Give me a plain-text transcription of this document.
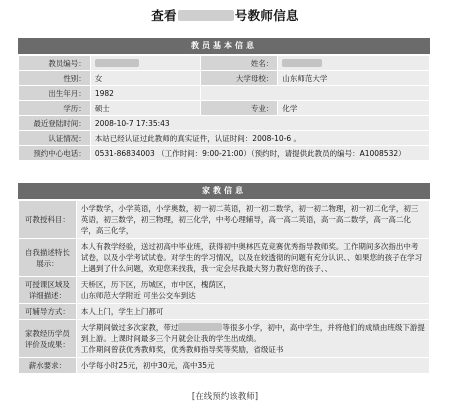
查看	号教师信息
教员基本信息
教员编号：		姓名：	
性别：	女	大学母校：	山东师范大学
出生年月：	1982		
学历：	硕士	专业：	化学
最近登陆时间：	2008-10-7 17:35:43		
认证情况：	本站已经认证过此教师的真实证件，认证时间：2008-10-6 。		
预约中心电话：	0531-86834003 （工作时间：9:00-21:00）（预约时，请提供此教员的编号：A1008532）		
家教信息
可教授科目：	小学数学，小学英语，小学奥数，初一初二英语，初一初二数学，初一初二物理，初一初二化学，初三英语，初三数学，初三物理，初三化学，中考心理辅导，高一高二英语，高一高二数学，高一高二化学，高三化学，
自我描述特长展示：	本人有教学经验，送过初高中毕业班，获得初中奥林匹克竞赛优秀指导教师奖。工作期间多次指出中考试卷，以及小学考试试卷。对学生的学习情况，以及在较透彻的问题有充分认识、、如果您的孩子在学习上遇到了什么问题，欢迎您来找我，我一定会尽我最大努力教好您的孩子、、
可授课区域及详细描述：	天桥区，历下区，历城区，市中区，槐荫区，
山东师范大学附近 可坐公交车到达

可辅导方式：	本人上门，学生上门都可
家教经历学员评价及成果：	大学期间做过多次家教，带过 等很多小学，初中，高中学生，并将他们的成绩由班级下游提到上游。上课时间最多三个月就会让我的学生出成绩。
工作期间曾获优秀教师奖，优秀教师指导奖等奖励，省级证书

薪水要求：	小学每小时25元，初中30元，高中35元
[在线预约该教师]
